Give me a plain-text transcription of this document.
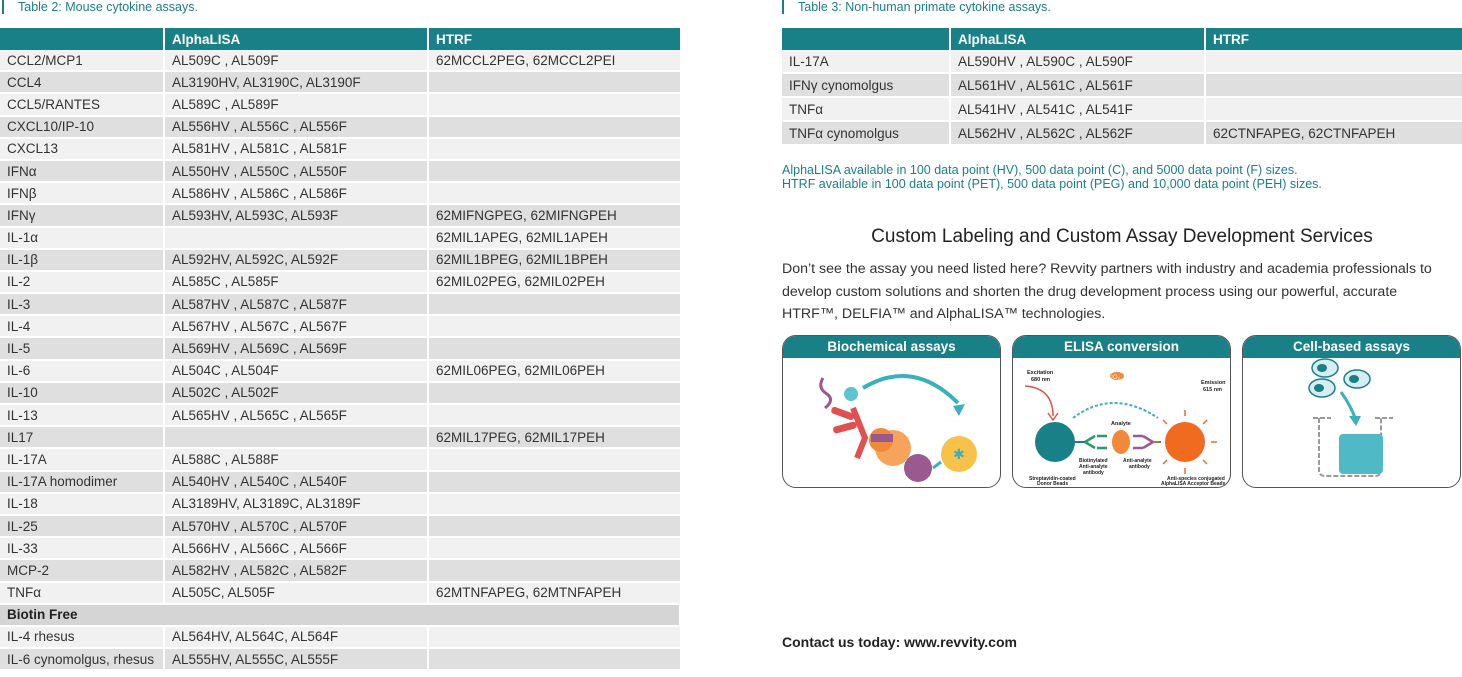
Table 2: Mouse cytokine assays.
	AlphaLISA	HTRF
CCL2/MCP1	AL509C , AL509F	62MCCL2PEG, 62MCCL2PEI
CCL4	AL3190HV, AL3190C, AL3190F	
CCL5/RANTES	AL589C , AL589F	
CXCL10/IP-10	AL556HV , AL556C , AL556F	
CXCL13	AL581HV , AL581C , AL581F	
IFNα	AL550HV , AL550C , AL550F	
IFNβ	AL586HV , AL586C , AL586F	
IFNγ	AL593HV, AL593C, AL593F	62MIFNGPEG, 62MIFNGPEH
IL-1α		62MIL1APEG, 62MIL1APEH
IL-1β	AL592HV, AL592C, AL592F	62MIL1BPEG, 62MIL1BPEH
IL-2	AL585C , AL585F	62MIL02PEG, 62MIL02PEH
IL-3	AL587HV , AL587C , AL587F	
IL-4	AL567HV , AL567C , AL567F	
IL-5	AL569HV , AL569C , AL569F	
IL-6	AL504C , AL504F	62MIL06PEG, 62MIL06PEH
IL-10	AL502C , AL502F	
IL-13	AL565HV , AL565C , AL565F	
IL17		62MIL17PEG, 62MIL17PEH
IL-17A	AL588C , AL588F	
IL-17A homodimer	AL540HV , AL540C , AL540F	
IL-18	AL3189HV, AL3189C, AL3189F	
IL-25	AL570HV , AL570C , AL570F	
IL-33	AL566HV , AL566C , AL566F	
MCP-2	AL582HV , AL582C , AL582F	
TNFα	AL505C, AL505F	62MTNFAPEG, 62MTNFAPEH
Biotin Free		
IL-4 rhesus	AL564HV, AL564C, AL564F	
IL-6 cynomolgus, rhesus	AL555HV, AL555C, AL555F	
Table 3: Non-human primate cytokine assays.
	AlphaLISA	HTRF
IL-17A	AL590HV , AL590C , AL590F	
IFNγ cynomolgus	AL561HV , AL561C , AL561F	
TNFα	AL541HV , AL541C , AL541F	
TNFα cynomolgus	AL562HV , AL562C , AL562F	62CTNFAPEG, 62CTNFAPEH
AlphaLISA available in 100 data point (HV), 500 data point (C), and 5000 data point (F) sizes.
HTRF available in 100 data point (PET), 500 data point (PEG) and 10,000 data point (PEH) sizes.
Custom Labeling and Custom Assay Development Services
Don’t see the assay you need listed here? Revvity partners with industry and academia professionals to develop custom solutions and shorten the drug development process using our powerful, accurate HTRF™, DELFIA™ and AlphaLISA™ technologies.
Biochemical assays
✱
ELISA conversion
Excitation
680 nm	Emission
615 nm
¹O₂
Analyte
Biotinylated
Anti-analyte
antibody
Anti-analyte
antibody
Streptavidin-coated
Donor Beads
Anti-species conjugated
AlphaLISA Acceptor Beads
Cell-based assays
Contact us today: www.revvity.com
